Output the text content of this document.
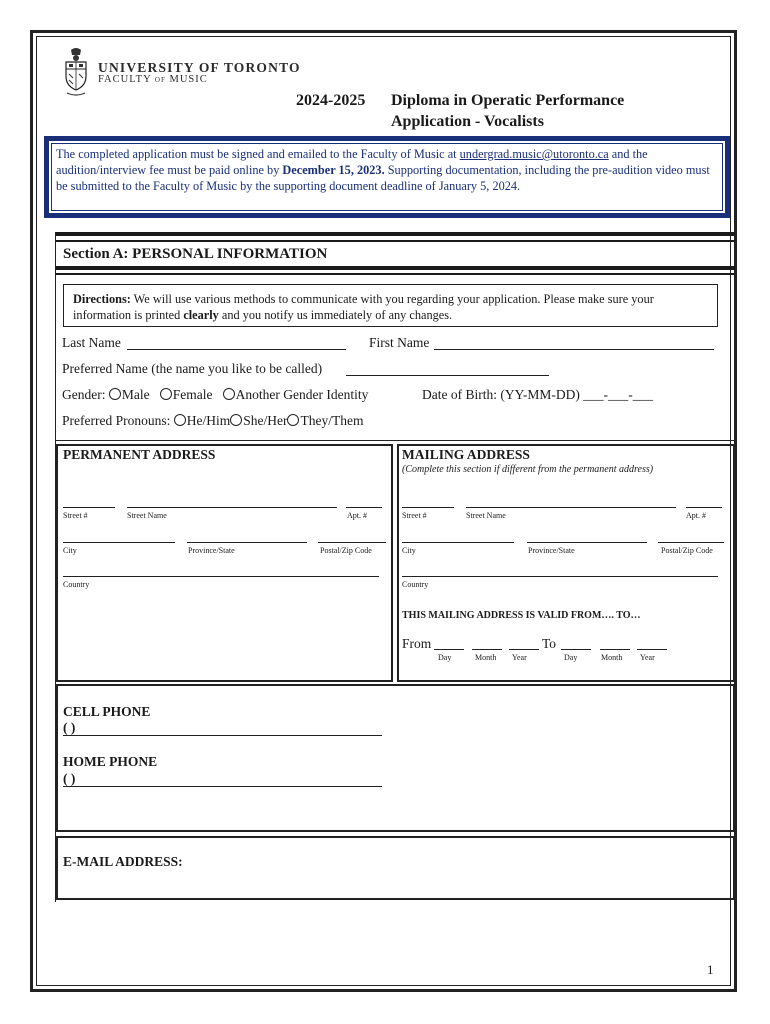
UNIVERSITY OF TORONTO
FACULTY OF MUSIC
2024-2025 Diploma in Operatic Performance
Application - Vocalists
The completed application must be signed and emailed to the Faculty of Music at undergrad.music@utoronto.ca and the audition/interview fee must be paid online by December 15, 2023. Supporting documentation, including the pre-audition video must be submitted to the Faculty of Music by the supporting document deadline of January 5, 2024.
Section A: PERSONAL INFORMATION
Directions: We will use various methods to communicate with you regarding your application. Please make sure your information is printed clearly and you notify us immediately of any changes.
Last Name	First Name
Preferred Name (the name you like to be called)
Gender: Male Female Another Gender Identity	Date of Birth: (YY-MM-DD) ___-___-___
Preferred Pronouns: He/Him She/Her They/Them
PERMANENT ADDRESS
Street #	Street Name	Apt. #
City	Province/State	Postal/Zip Code
Country
MAILING ADDRESS
(Complete this section if different from the permanent address)
Street #	Street Name	Apt. #
City	Province/State	Postal/Zip Code
Country
THIS MAILING ADDRESS IS VALID FROM…. TO…
From	To
Day	Month Year	Day	Month Year
CELL PHONE
( )
HOME PHONE
( )
E-MAIL ADDRESS:
1
